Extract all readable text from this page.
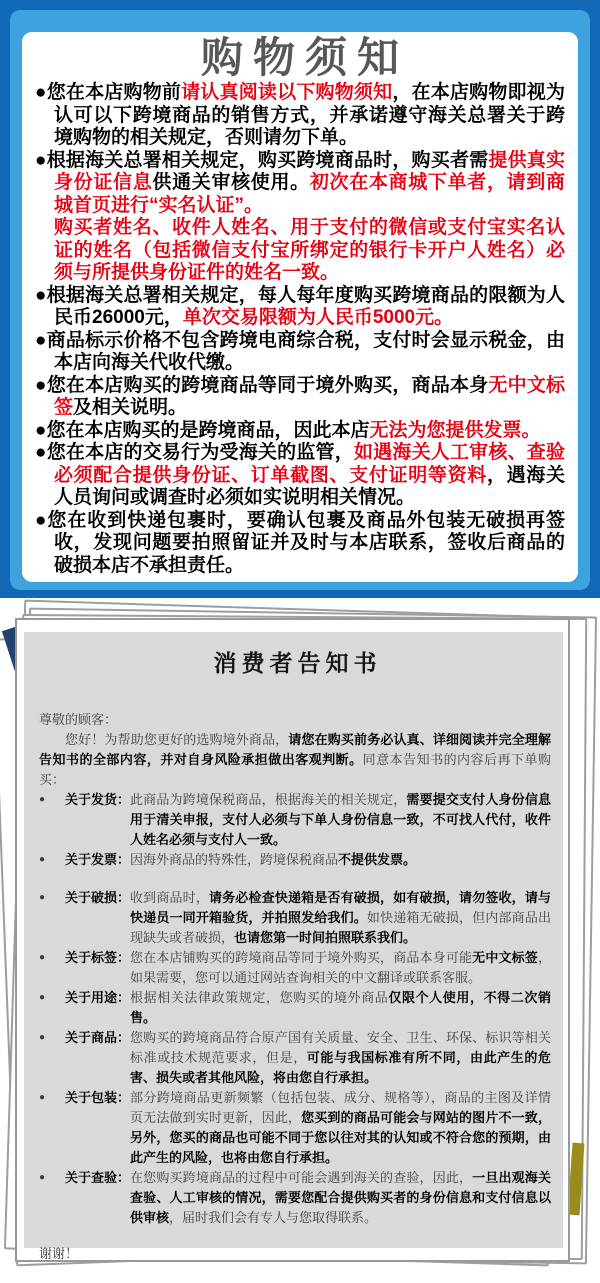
购物须知

●您在本店购物前请认真阅读以下购物须知，在本店购物即视为认可以下跨境商品的销售方式，并承诺遵守海关总署关于跨境购物的相关规定，否则请勿下单。

●根据海关总署相关规定，购买跨境商品时，购买者需提供真实身份证信息供通关审核使用。初次在本商城下单者，请到商城首页进行“实名认证”。
购买者姓名、收件人姓名、用于支付的微信或支付宝实名认证的姓名（包括微信支付宝所绑定的银行卡开户人姓名）必须与所提供身份证件的姓名一致。

●根据海关总署相关规定，每人每年度购买跨境商品的限额为人民币26000元，单次交易限额为人民币5000元。

●商品标示价格不包含跨境电商综合税，支付时会显示税金，由本店向海关代收代缴。

●您在本店购买的跨境商品等同于境外购买，商品本身无中文标签及相关说明。

●您在本店购买的是跨境商品，因此本店无法为您提供发票。

●您在本店的交易行为受海关的监管，如遇海关人工审核、查验必须配合提供身份证、订单截图、支付证明等资料，遇海关人员询问或调查时必须如实说明相关情况。

●您在收到快递包裹时，要确认包裹及商品外包装无破损再签收，发现问题要拍照留证并及时与本店联系，签收后商品的破损本店不承担责任。

消费者告知书

尊敬的顾客：

您好！为帮助您更好的选购境外商品，请您在购买前务必认真、详细阅读并完全理解告知书的全部内容，并对自身风险承担做出客观判断。同意本告知书的内容后再下单购买：

●	关于发货： 此商品为跨境保税商品，根据海关的相关规定，需要提交支付人身份信息用于清关申报，支付人必须与下单人身份信息一致，不可找人代付，收件人姓名必须与支付人一致。
●	关于发票： 因海外商品的特殊性，跨境保税商品不提供发票。
●	关于破损： 收到商品时，请务必检查快递箱是否有破损，如有破损，请勿签收，请与快递员一同开箱验货，并拍照发给我们。如快递箱无破损，但内部商品出现缺失或者破损，也请您第一时间拍照联系我们。
●	关于标签： 您在本店铺购买的跨境商品等同于境外购买，商品本身可能无中文标签，如果需要，您可以通过网站查询相关的中文翻译或联系客服。
●	关于用途： 根据相关法律政策规定，您购买的境外商品仅限个人使用，不得二次销售。
●	关于商品： 您购买的跨境商品符合原产国有关质量、安全、卫生、环保、标识等相关标准或技术规范要求，但是，可能与我国标准有所不同，由此产生的危害、损失或者其他风险，将由您自行承担。
●	关于包装： 部分跨境商品更新频繁（包括包装、成分、规格等），商品的主图及详情页无法做到实时更新，因此，您买到的商品可能会与网站的图片不一致，另外，您买的商品也可能不同于您以往对其的认知或不符合您的预期，由此产生的风险，也将由您自行承担。
●	关于查验： 在您购买跨境商品的过程中可能会遇到海关的查验，因此，一旦出观海关查验、人工审核的情况，需要您配合提供购买者的身份信息和支付信息以供审核，届时我们会有专人与您取得联系。

谢谢！
